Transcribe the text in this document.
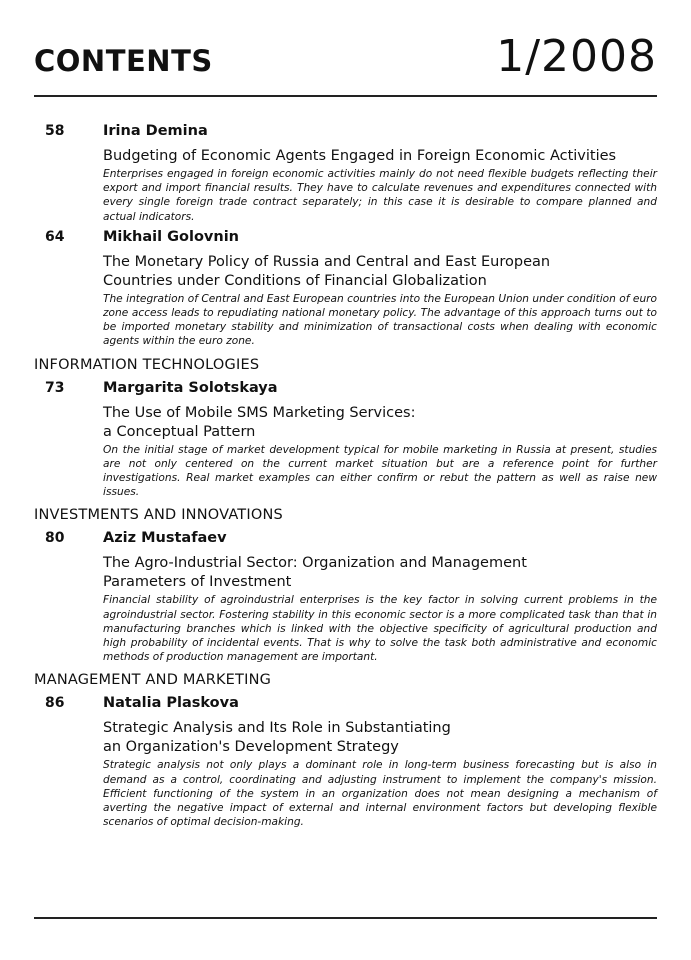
CONTENTS	1/2008
58	Irina Demina
Budgeting of Economic Agents Engaged in Foreign Economic Activities
Enterprises engaged in foreign economic activities mainly do not need flexible budgets reflecting their export and import financial results. They have to calculate revenues and expenditures connected with every single foreign trade contract separately; in this case it is desirable to compare planned and actual indicators.
64	Mikhail Golovnin
The Monetary Policy of Russia and Central and East European
Countries under Conditions of Financial Globalization
The integration of Central and East European countries into the European Union under condition of euro zone access leads to repudiating national monetary policy. The advantage of this approach turns out to be imported monetary stability and minimization of transactional costs when dealing with economic agents within the euro zone.
INFORMATION TECHNOLOGIES
73	Margarita Solotskaya
The Use of Mobile SMS Marketing Services:
a Conceptual Pattern
On the initial stage of market development typical for mobile marketing in Russia at present, studies are not only centered on the current market situation but are a reference point for further investigations. Real market examples can either confirm or rebut the pattern as well as raise new issues.
INVESTMENTS AND INNOVATIONS
80	Aziz Mustafaev
The Agro-Industrial Sector: Organization and Management
Parameters of Investment
Financial stability of agroindustrial enterprises is the key factor in solving current problems in the agroindustrial sector. Fostering stability in this economic sector is a more complicated task than that in manufacturing branches which is linked with the objective specificity of agricultural production and high probability of incidental events. That is why to solve the task both administrative and economic methods of production management are important.
MANAGEMENT AND MARKETING
86	Natalia Plaskova
Strategic Analysis and Its Role in Substantiating
an Organization's Development Strategy
Strategic analysis not only plays a dominant role in long-term business forecasting but is also in demand as a control, coordinating and adjusting instrument to implement the company's mission. Efficient functioning of the system in an organization does not mean designing a mechanism of averting the negative impact of external and internal environment factors but developing flexible scenarios of optimal decision-making.
